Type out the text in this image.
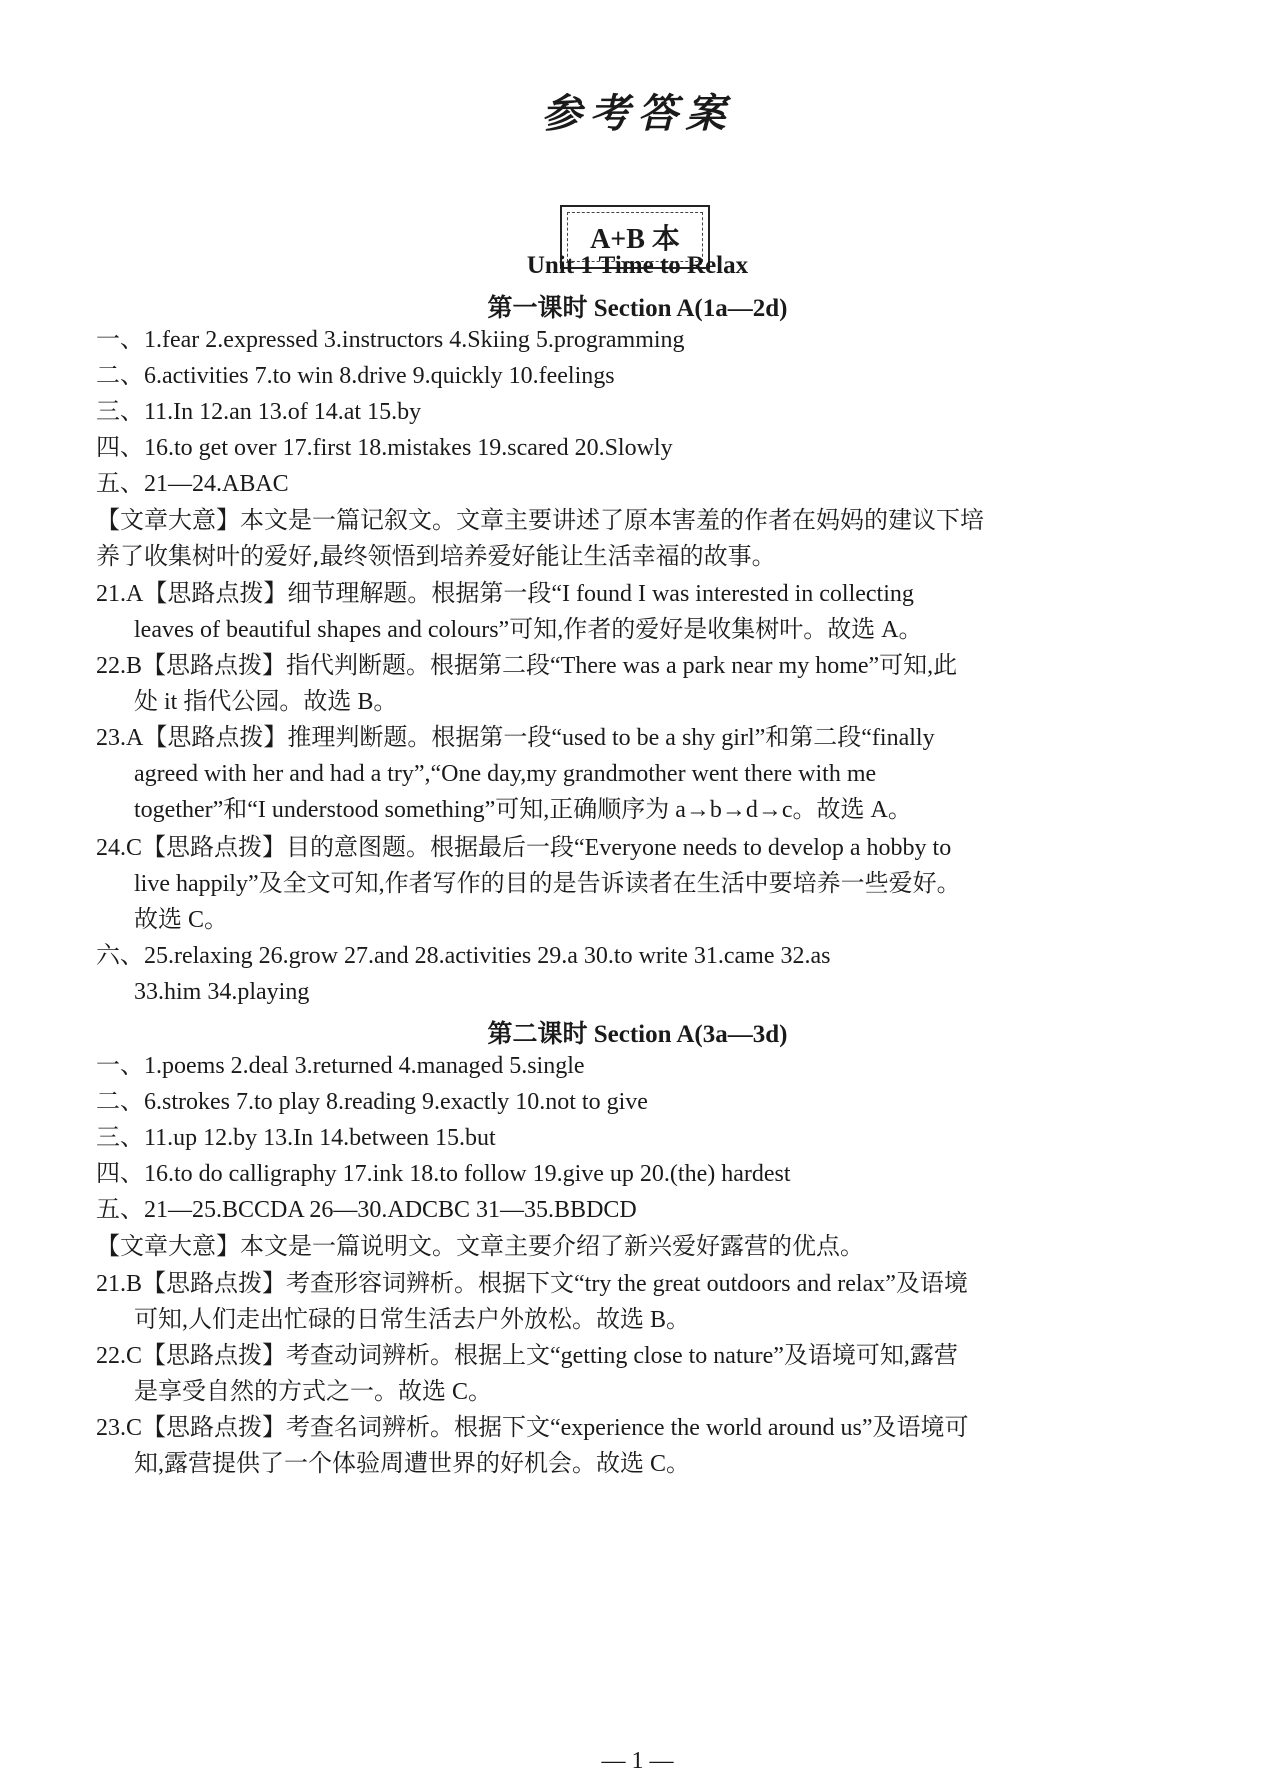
参考答案
A+B 本
Unit 1 Time to Relax
第一课时 Section A(1a—2d)
一、1.fear 2.expressed 3.instructors 4.Skiing 5.programming
二、6.activities 7.to win 8.drive 9.quickly 10.feelings
三、11.In 12.an 13.of 14.at 15.by
四、16.to get over 17.first 18.mistakes 19.scared 20.Slowly
五、21—24.ABAC
【文章大意】本文是一篇记叙文。文章主要讲述了原本害羞的作者在妈妈的建议下培
养了收集树叶的爱好,最终领悟到培养爱好能让生活幸福的故事。
21.A【思路点拨】细节理解题。根据第一段“I found I was interested in collecting
leaves of beautiful shapes and colours”可知,作者的爱好是收集树叶。故选 A。
22.B【思路点拨】指代判断题。根据第二段“There was a park near my home”可知,此
处 it 指代公园。故选 B。
23.A【思路点拨】推理判断题。根据第一段“used to be a shy girl”和第二段“finally
agreed with her and had a try”,“One day,my grandmother went there with me
together”和“I understood something”可知,正确顺序为 a→b→d→c。故选 A。
24.C【思路点拨】目的意图题。根据最后一段“Everyone needs to develop a hobby to
live happily”及全文可知,作者写作的目的是告诉读者在生活中要培养一些爱好。
故选 C。
六、25.relaxing 26.grow 27.and 28.activities 29.a 30.to write 31.came 32.as
33.him 34.playing
第二课时 Section A(3a—3d)
一、1.poems 2.deal 3.returned 4.managed 5.single
二、6.strokes 7.to play 8.reading 9.exactly 10.not to give
三、11.up 12.by 13.In 14.between 15.but
四、16.to do calligraphy 17.ink 18.to follow 19.give up 20.(the) hardest
五、21—25.BCCDA 26—30.ADCBC 31—35.BBDCD
【文章大意】本文是一篇说明文。文章主要介绍了新兴爱好露营的优点。
21.B【思路点拨】考查形容词辨析。根据下文“try the great outdoors and relax”及语境
可知,人们走出忙碌的日常生活去户外放松。故选 B。
22.C【思路点拨】考查动词辨析。根据上文“getting close to nature”及语境可知,露营
是享受自然的方式之一。故选 C。
23.C【思路点拨】考查名词辨析。根据下文“experience the world around us”及语境可
知,露营提供了一个体验周遭世界的好机会。故选 C。
— 1 —
